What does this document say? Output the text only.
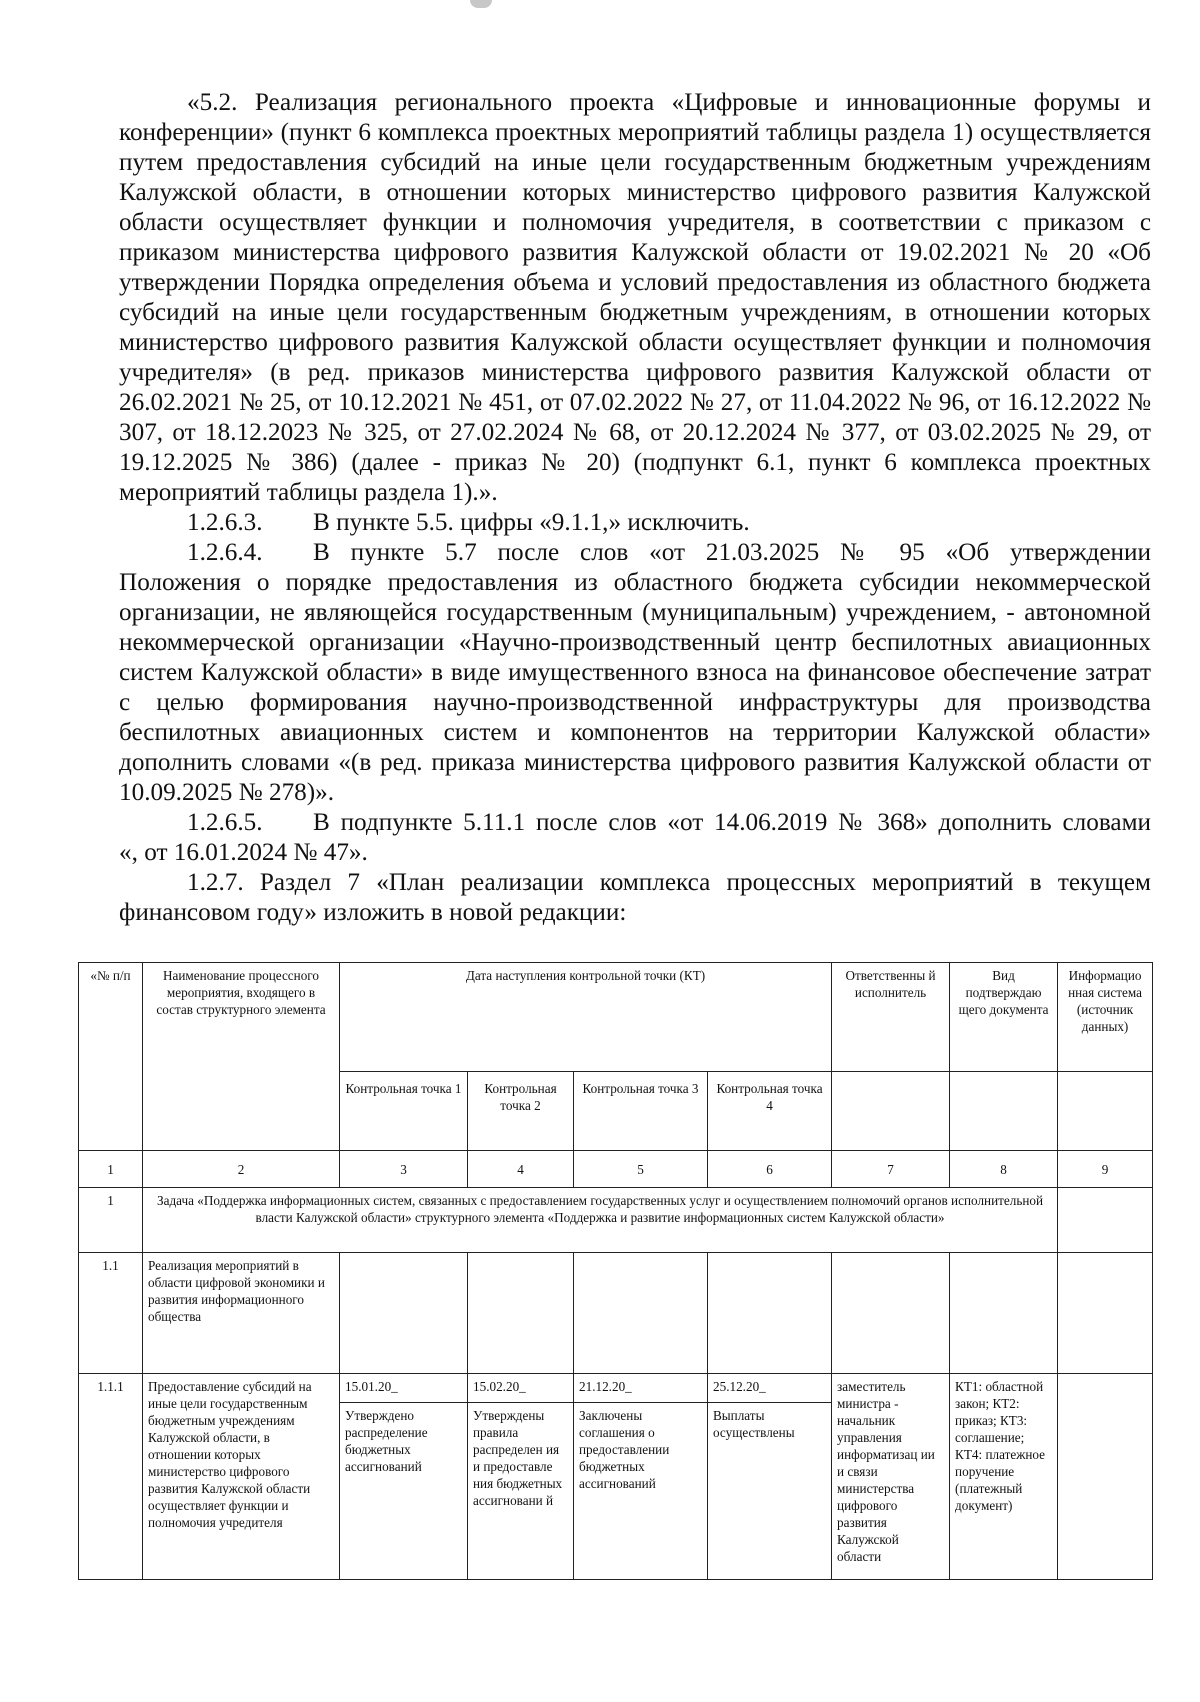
«5.2. Реализация регионального проекта «Цифровые и инновационные форумы и конференции» (пункт 6 комплекса проектных мероприятий таблицы раздела 1) осуществляется путем предоставления субсидий на иные цели государственным бюджетным учреждениям Калужской области, в отношении которых министерство цифрового развития Калужской области осуществляет функции и полномочия учредителя, в соответствии с приказом с приказом министерства цифрового развития Калужской области от 19.02.2021 № 20 «Об утверждении Порядка определения объема и условий предоставления из областного бюджета субсидий на иные цели государственным бюджетным учреждениям, в отношении которых министерство цифрового развития Калужской области осуществляет функции и полномочия учредителя» (в ред. приказов министерства цифрового развития Калужской области от 26.02.2021 № 25, от 10.12.2021 № 451, от 07.02.2022 № 27, от 11.04.2022 № 96, от 16.12.2022 № 307, от 18.12.2023 № 325, от 27.02.2024 № 68, от 20.12.2024 № 377, от 03.02.2025 № 29, от 19.12.2025 № 386) (далее - приказ № 20) (подпункт 6.1, пункт 6 комплекса проектных мероприятий таблицы раздела 1).».

1.2.6.3.	В пункте 5.5. цифры «9.1.1,» исключить.

1.2.6.4.	В пункте 5.7 после слов «от 21.03.2025 № 95 «Об утверждении

Положения о порядке предоставления из областного бюджета субсидии некоммерческой организации, не являющейся государственным (муниципальным) учреждением, - автономной некоммерческой организации «Научно-производственный центр беспилотных авиационных систем Калужской области» в виде имущественного взноса на финансовое обеспечение затрат с целью формирования научно-производственной инфраструктуры для производства беспилотных авиационных систем и компонентов на территории Калужской области» дополнить словами «(в ред. приказа министерства цифрового развития Калужской области от 10.09.2025 № 278)».

1.2.6.5.	В подпункте 5.11.1 после слов «от 14.06.2019 № 368» дополнить словами

«, от 16.01.2024 № 47».

1.2.7. Раздел 7 «План реализации комплекса процессных мероприятий в текущем финансовом году» изложить в новой редакции:

«№ п/п	Наименование процессного мероприятия, входящего в состав структурного элемента	Дата наступления контрольной точки (КТ)				Ответственны й исполнитель	Вид подтверждаю щего документа	Информацио нная система (источник данных)
		Контрольная точка 1	Контрольная точка 2	Контрольная точка 3	Контрольная точка 4			
1	2	3	4	5	6	7	8	9
1	Задача «Поддержка информационных систем, связанных с предоставлением государственных услуг и осуществлением полномочий органов исполнительной власти Калужской области» структурного элемента «Поддержка и развитие информационных систем Калужской области»							
1.1	Реализация мероприятий в области цифровой экономики и развития информационного общества							
1.1.1	Предоставление субсидий на иные цели государственным бюджетным учреждениям Калужской области, в отношении которых министерство цифрового развития Калужской области осуществляет функции и полномочия учредителя	15.01.20_	15.02.20_	21.12.20_	25.12.20_	заместитель министра - начальник управления информатизац ии и связи министерства цифрового развития Калужской области	КТ1: областной закон; КТ2: приказ; КТ3: соглашение; КТ4: платежное поручение (платежный документ)	
		Утверждено распределение бюджетных ассигнований	Утверждены правила распределен ия и предоставле ния бюджетных ассигновани й	Заключены соглашения о предоставлении бюджетных ассигнований	Выплаты осуществлены			
